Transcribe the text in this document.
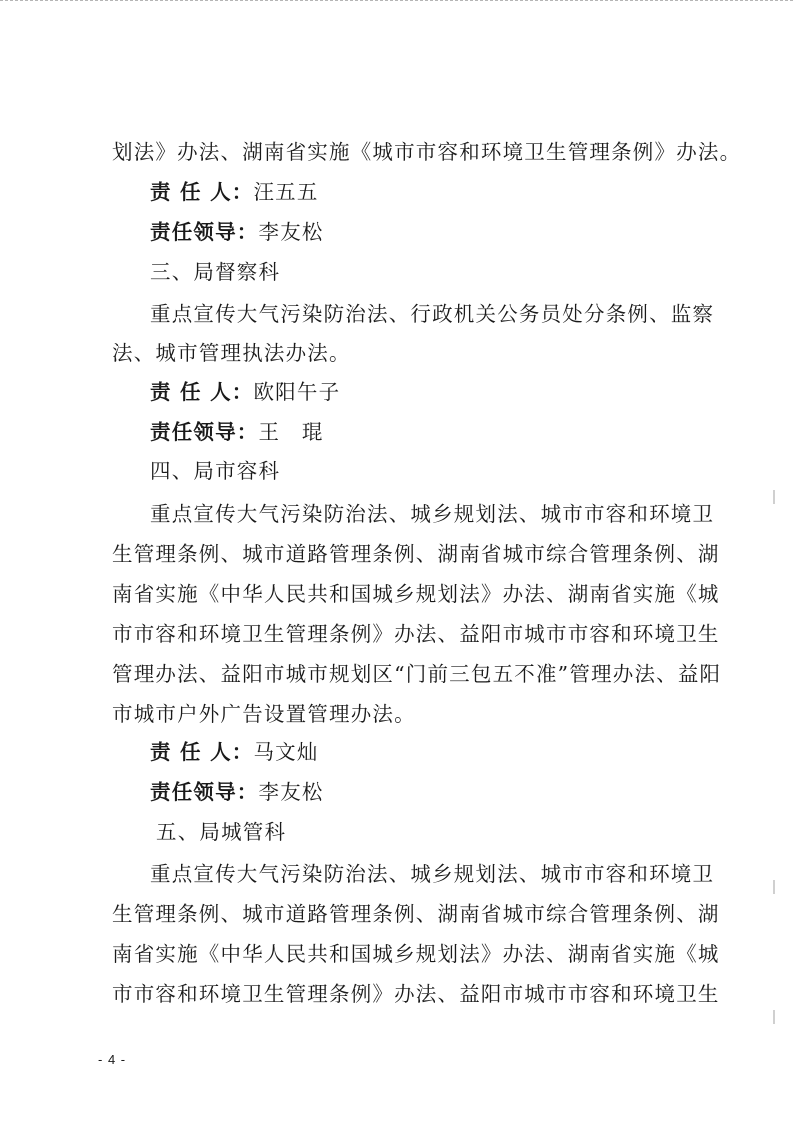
划法》办法、湖南省实施《城市市容和环境卫生管理条例》办法。
责 任 人：汪五五
责任领导：李友松
三、局督察科
重点宣传大气污染防治法、行政机关公务员处分条例、监察
法、城市管理执法办法。
责 任 人：欧阳午子
责任领导：王　琨
四、局市容科
重点宣传大气污染防治法、城乡规划法、城市市容和环境卫
生管理条例、城市道路管理条例、湖南省城市综合管理条例、湖
南省实施《中华人民共和国城乡规划法》办法、湖南省实施《城
市市容和环境卫生管理条例》办法、益阳市城市市容和环境卫生
管理办法、益阳市城市规划区“门前三包五不准”管理办法、益阳
市城市户外广告设置管理办法。
责 任 人：马文灿
责任领导：李友松
五、局城管科
重点宣传大气污染防治法、城乡规划法、城市市容和环境卫
生管理条例、城市道路管理条例、湖南省城市综合管理条例、湖
南省实施《中华人民共和国城乡规划法》办法、湖南省实施《城
市市容和环境卫生管理条例》办法、益阳市城市市容和环境卫生
- 4 -
